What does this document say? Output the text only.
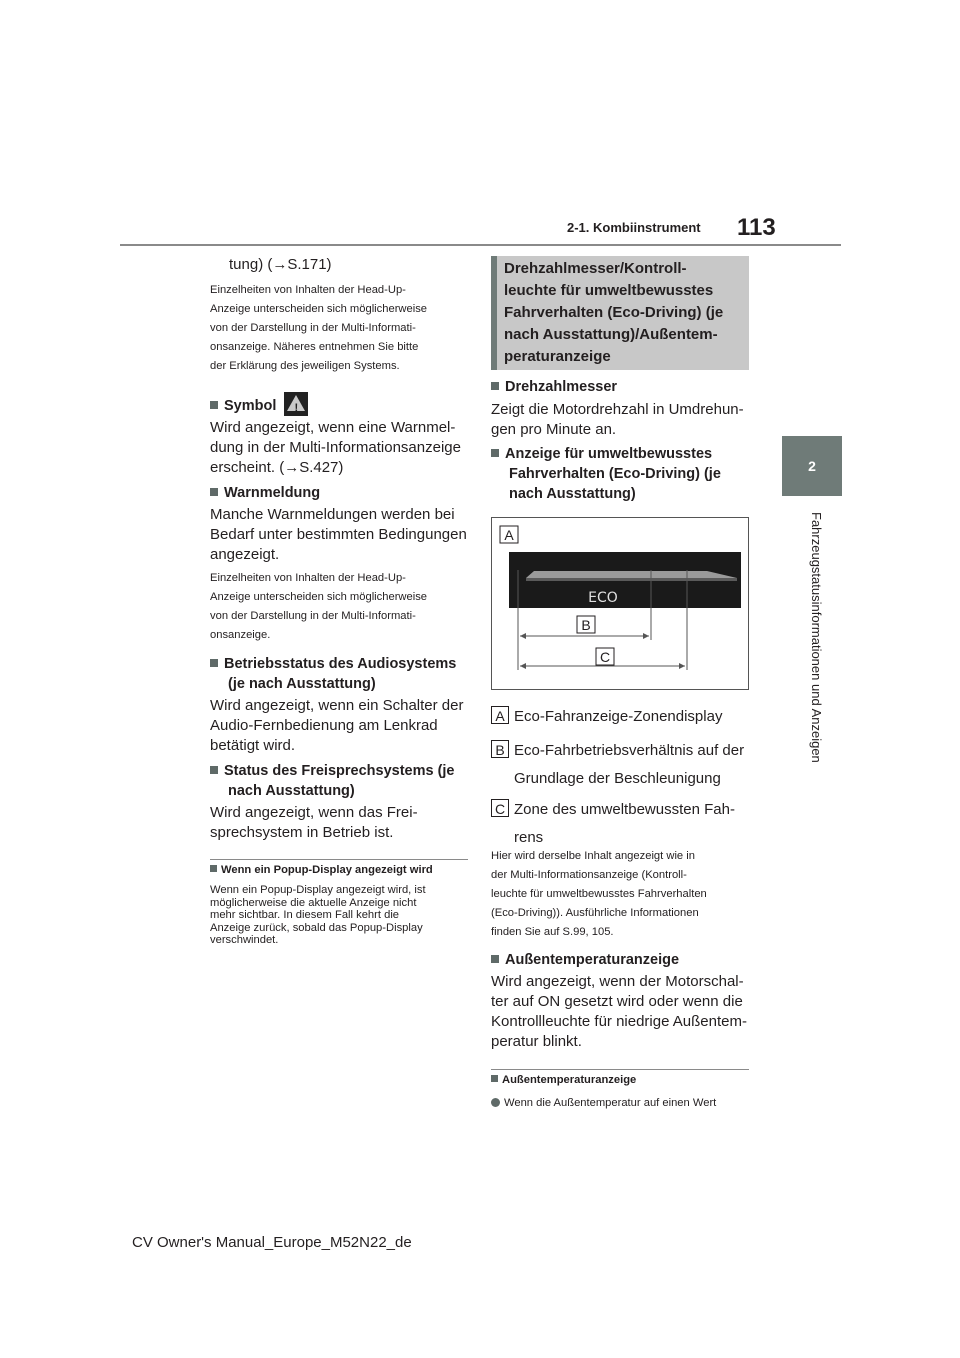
2-1. Kombiinstrument 113
2
Fahrzeugstatusinformationen und Anzeigen
tung) (→S.171)
Einzelheiten von Inhalten der Head-Up-
Anzeige unterscheiden sich möglicherweise
von der Darstellung in der Multi-Informati-
onsanzeige. Näheres entnehmen Sie bitte
der Erklärung des jeweiligen Systems.
Symbol	!
Wird angezeigt, wenn eine Warnmel-
dung in der Multi-Informationsanzeige
erscheint. (→S.427)
Warnmeldung
Manche Warnmeldungen werden bei
Bedarf unter bestimmten Bedingungen
angezeigt.
Einzelheiten von Inhalten der Head-Up-
Anzeige unterscheiden sich möglicherweise
von der Darstellung in der Multi-Informati-
onsanzeige.
Betriebsstatus des Audiosystems
(je nach Ausstattung)
Wird angezeigt, wenn ein Schalter der
Audio-Fernbedienung am Lenkrad
betätigt wird.
Status des Freisprechsystems (je
nach Ausstattung)
Wird angezeigt, wenn das Frei-
sprechsystem in Betrieb ist.
Wenn ein Popup-Display angezeigt wird
Wenn ein Popup-Display angezeigt wird, ist
möglicherweise die aktuelle Anzeige nicht
mehr sichtbar. In diesem Fall kehrt die
Anzeige zurück, sobald das Popup-Display
verschwindet.
Drehzahlmesser/Kontroll-
leuchte für umweltbewusstes
Fahrverhalten (Eco-Driving) (je
nach Ausstattung)/Außentem-
peraturanzeige
Drehzahlmesser
Zeigt die Motordrehzahl in Umdrehun-
gen pro Minute an.
Anzeige für umweltbewusstes
Fahrverhalten (Eco-Driving) (je
nach Ausstattung)
A
ECO
B
C
A Eco-Fahranzeige-Zonendisplay
B Eco-Fahrbetriebsverhältnis auf der
Grundlage der Beschleunigung
C Zone des umweltbewussten Fah-
rens
Hier wird derselbe Inhalt angezeigt wie in
der Multi-Informationsanzeige (Kontroll-
leuchte für umweltbewusstes Fahrverhalten
(Eco-Driving)). Ausführliche Informationen
finden Sie auf S.99, 105.
Außentemperaturanzeige
Wird angezeigt, wenn der Motorschal-
ter auf ON gesetzt wird oder wenn die
Kontrollleuchte für niedrige Außentem-
peratur blinkt.
Außentemperaturanzeige
Wenn die Außentemperatur auf einen Wert
CV Owner's Manual_Europe_M52N22_de
